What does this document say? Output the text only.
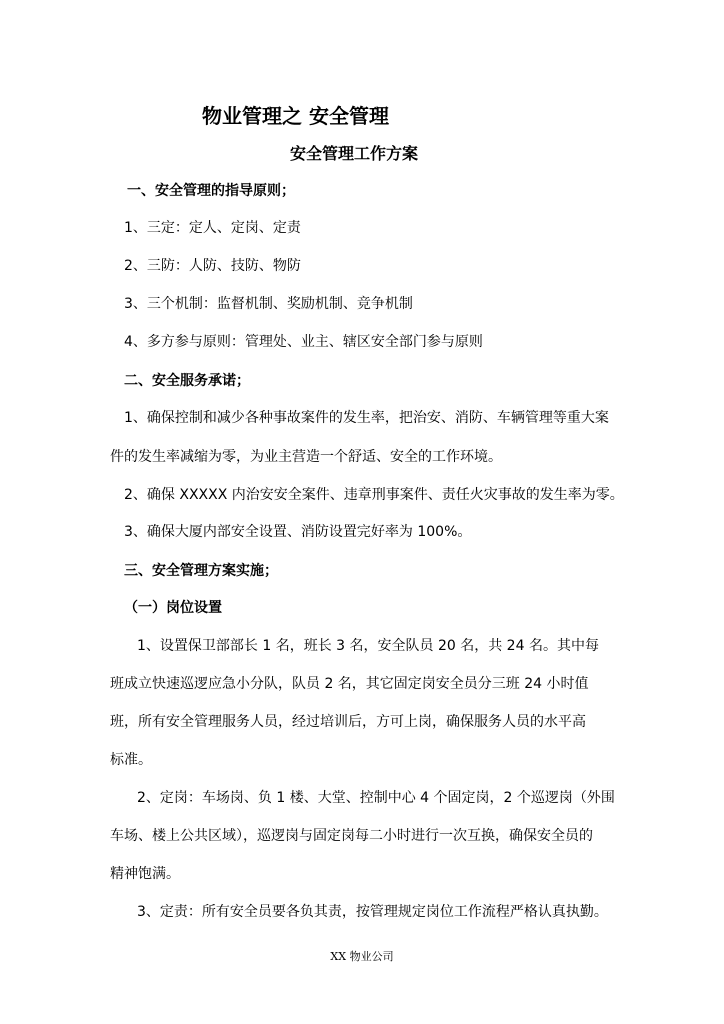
物业管理之 安全管理
安全管理工作方案
一、安全管理的指导原则；
1、三定：定人、定岗、定责
2、三防：人防、技防、物防
3、三个机制：监督机制、奖励机制、竞争机制
4、多方参与原则：管理处、业主、辖区安全部门参与原则
二、安全服务承诺；
1、确保控制和减少各种事故案件的发生率，把治安、消防、车辆管理等重大案
件的发生率减缩为零，为业主营造一个舒适、安全的工作环境。
2、确保 XXXXX 内治安安全案件、违章刑事案件、责任火灾事故的发生率为零。
3、确保大厦内部安全设置、消防设置完好率为 100%。
三、安全管理方案实施；
（一）岗位设置
1、设置保卫部部长 1 名，班长 3 名，安全队员 20 名，共 24 名。其中每
班成立快速巡逻应急小分队，队员 2 名，其它固定岗安全员分三班 24 小时值
班，所有安全管理服务人员，经过培训后，方可上岗，确保服务人员的水平高
标准。
2、定岗：车场岗、负 1 楼、大堂、控制中心 4 个固定岗，2 个巡逻岗（外围
车场、楼上公共区域），巡逻岗与固定岗每二小时进行一次互换，确保安全员的
精神饱满。
3、定责：所有安全员要各负其责，按管理规定岗位工作流程严格认真执勤。
XX 物业公司
